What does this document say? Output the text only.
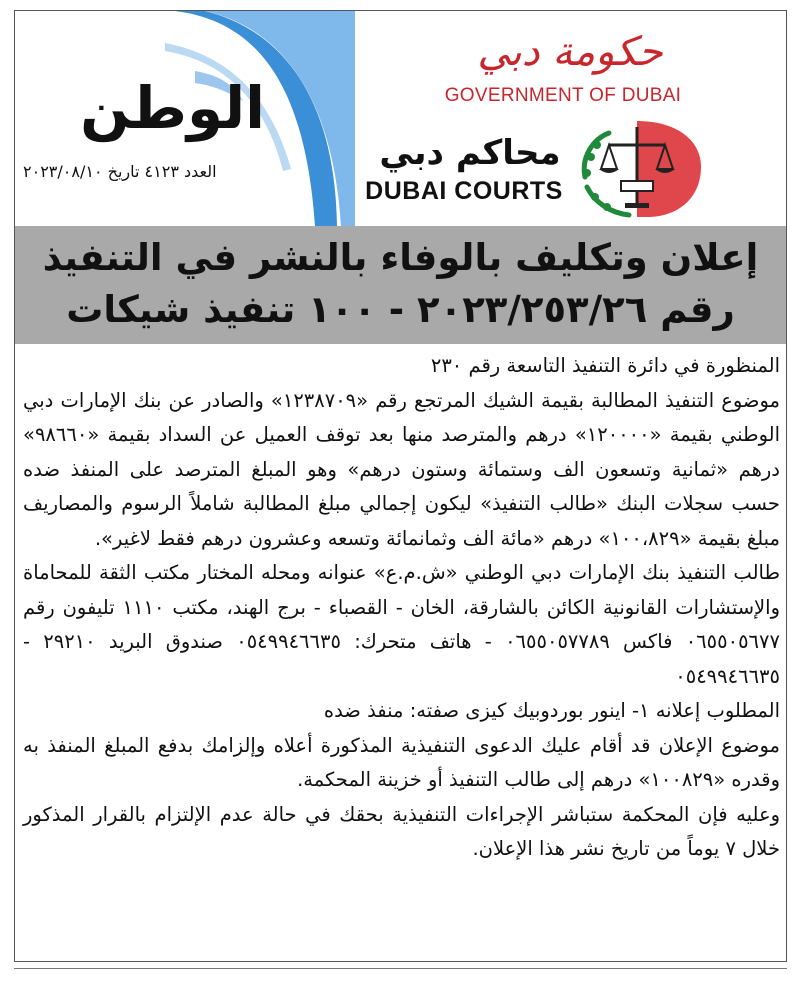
الوطن
العدد ٤١٢٣ تاريخ ٢٠٢٣/٠٨/١٠
حكومة دبي
GOVERNMENT OF DUBAI
محاكم دبي
DUBAI COURTS
إعلان وتكليف بالوفاء بالنشر في التنفيذ
رقم ٢٠٢٣/٢٥٣/٢٦ - ١٠٠ تنفيذ شيكات

المنظورة في دائرة التنفيذ التاسعة رقم ٢٣٠

موضوع التنفيذ المطالبة بقيمة الشيك المرتجع رقم «١٢٣٨٧٠٩» والصادر عن بنك الإمارات دبي الوطني بقيمة «١٢٠٠٠٠» درهم والمترصد منها بعد توقف العميل عن السداد بقيمة «٩٨٦٦٠» درهم «ثمانية وتسعون الف وستمائة وستون درهم» وهو المبلغ المترصد على المنفذ ضده حسب سجلات البنك «طالب التنفيذ» ليكون إجمالي مبلغ المطالبة شاملاً الرسوم والمصاريف مبلغ بقيمة «١٠٠،٨٢٩» درهم «مائة الف وثمانمائة وتسعه وعشرون درهم فقط لاغير».

طالب التنفيذ بنك الإمارات دبي الوطني «ش.م.ع» عنوانه ومحله المختار مكتب الثقة للمحاماة والإستشارات القانونية الكائن بالشارقة، الخان - القصباء - برج الهند، مكتب ١١١٠ تليفون رقم ٠٦٥٥٠٥٦٧٧ فاكس ٠٦٥٥٠٥٧٧٨٩ - هاتف متحرك: ٠٥٤٩٩٤٦٦٣٥ صندوق البريد ٢٩٢١٠ - ٠٥٤٩٩٤٦٦٣٥

المطلوب إعلانه ١- اينور بوردوبيك كيزى صفته: منفذ ضده

موضوع الإعلان قد أقام عليك الدعوى التنفيذية المذكورة أعلاه وإلزامك بدفع المبلغ المنفذ به وقدره «١٠٠٨٢٩» درهم إلى طالب التنفيذ أو خزينة المحكمة.

وعليه فإن المحكمة ستباشر الإجراءات التنفيذية بحقك في حالة عدم الإلتزام بالقرار المذكور خلال ٧ يوماً من تاريخ نشر هذا الإعلان.
